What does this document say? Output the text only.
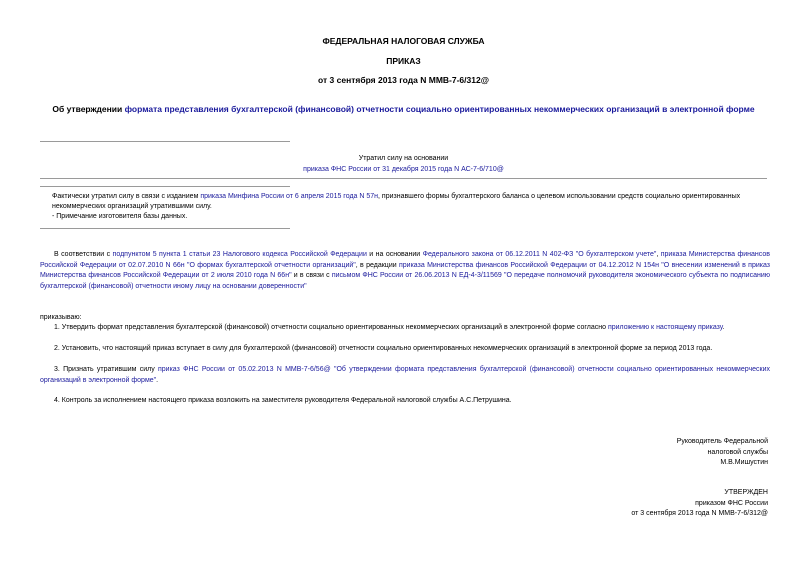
ФЕДЕРАЛЬНАЯ НАЛОГОВАЯ СЛУЖБА
ПРИКАЗ
от 3 сентября 2013 года N ММВ-7-6/312@
Об утверждении формата представления бухгалтерской (финансовой) отчетности социально ориентированных некоммерческих организаций в электронной форме
Утратил силу на основании
приказа ФНС России от 31 декабря 2015 года N АС-7-6/710@

Фактически утратил силу в связи с изданием приказа Минфина России от 6 апреля 2015 года N 57н, признавшего формы бухгалтерского баланса о целевом использовании средств социально ориентированных некоммерческих организаций утратившими силу.

- Примечание изготовителя базы данных.

В соответствии с подпунктом 5 пункта 1 статьи 23 Налогового кодекса Российской Федерации и на основании Федерального закона от 06.12.2011 N 402-ФЗ "О бухгалтерском учете", приказа Министерства финансов Российской Федерации от 02.07.2010 N 66н "О формах бухгалтерской отчетности организаций", в редакции приказа Министерства финансов Российской Федерации от 04.12.2012 N 154н "О внесении изменений в приказ Министерства финансов Российской Федерации от 2 июля 2010 года N 66н" и в связи с письмом ФНС России от 26.06.2013 N ЕД-4-3/11569 "О передаче полномочий руководителя экономического субъекта по подписанию бухгалтерской (финансовой) отчетности иному лицу на основании доверенности"

приказываю:

1. Утвердить формат представления бухгалтерской (финансовой) отчетности социально ориентированных некоммерческих организаций в электронной форме согласно приложению к настоящему приказу.

2. Установить, что настоящий приказ вступает в силу для бухгалтерской (финансовой) отчетности социально ориентированных некоммерческих организаций в электронной форме за период 2013 года.

3. Признать утратившим силу приказ ФНС России от 05.02.2013 N ММВ-7-6/56@ "Об утверждении формата представления бухгалтерской (финансовой) отчетности социально ориентированных некоммерческих организаций в электронной форме".

4. Контроль за исполнением настоящего приказа возложить на заместителя руководителя Федеральной налоговой службы А.С.Петрушина.

Руководитель Федеральной
налоговой службы
М.В.Мишустин
УТВЕРЖДЕН
приказом ФНС России
от 3 сентября 2013 года N ММВ-7-6/312@
